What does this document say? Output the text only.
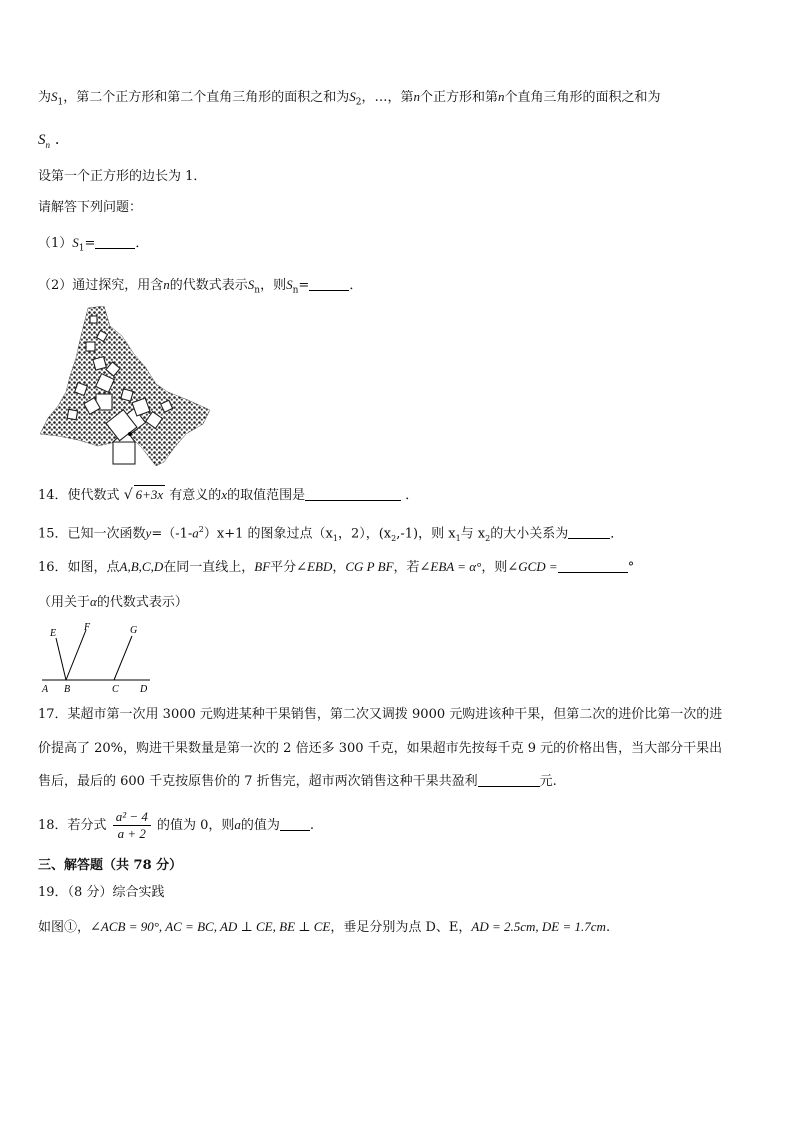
为$S_1$，第二个正方形和第二个直角三角形的面积之和为$S_2$，…，第n个正方形和第n个直角三角形的面积之和为
$S_n$ .
设第一个正方形的边长为 1．
请解答下列问题：
$(1)S_1=$	．
（2）通过探究，用含n的代数式表示$S_n$，则$S_n=$	．
14．使代数式 √ 6+3x 有意义的x的取值范围是	．
15．已知一次函数$y=(-1-a^2)x+1$ 的图象过点（$x_1$，2），$(x_2,-1)$，则 $x_1$与 $x_2$的大小关系为	．
16．如图，点A,B,C,D在同一直线上，BF平分∠EBD，CG P BF，若∠EBA = α°，则∠GCD =	°
（用关于α的代数式表示）
E
F	G
A B	C D
17．某超市第一次用 3000 元购进某种干果销售，第二次又调拨 9000 元购进该种干果，但第二次的进价比第一次的进
价提高了 20%，购进干果数量是第一次的 2 倍还多 300 千克，如果超市先按每千克 9 元的价格出售，当大部分干果出
售后，最后的 600 千克按原售价的 7 折售完，超市两次销售这种干果共盈利	元.
18．若分式 $\frac{\text{a² − 4}}{a + 2}$ 的值为 0，则a的值为 .
三、解答题（共 78 分）
19．（8 分）综合实践
如图①，∠ACB = 90°, AC = BC, AD ⊥ CE, BE ⊥ CE，垂足分别为点 D、E，AD = 2.5cm, DE = 1.7cm.
